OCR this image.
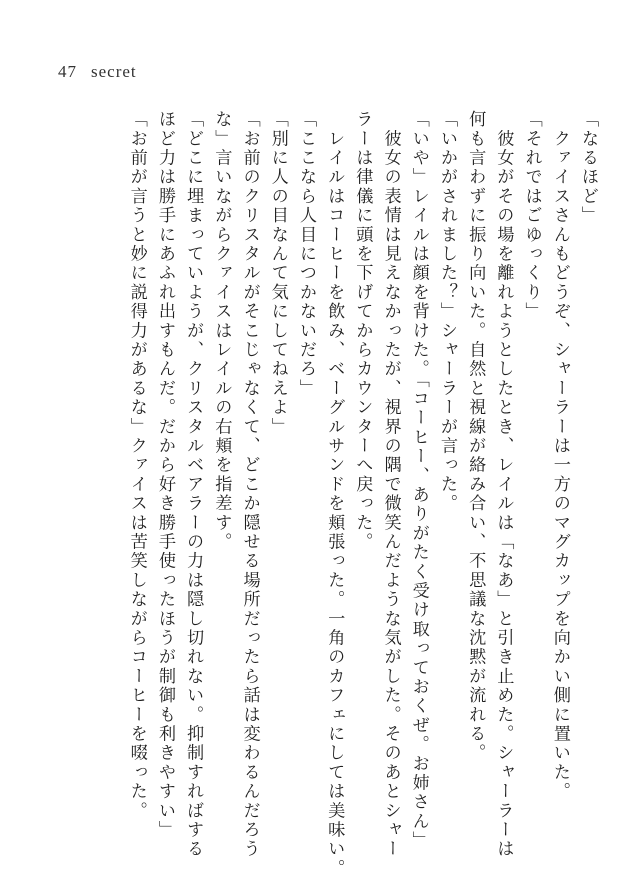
47 secret
「なるほど」
　クァイスさんもどうぞ、シャーラーは一方のマグカップを向かい側に置いた。
「それではごゆっくり」
　彼女がその場を離れようとしたとき、レイルは「なあ」と引き止めた。シャーラーは
何も言わずに振り向いた。自然と視線が絡み合い、不思議な沈黙が流れる。
「いかがされました？」シャーラーが言った。
「いや」レイルは顔を背けた。「コーヒー、ありがたく受け取っておくぜ。お姉さん」
　彼女の表情は見えなかったが、視界の隅で微笑んだような気がした。そのあとシャー
ラーは律儀に頭を下げてからカウンターへ戻った。
　レイルはコーヒーを飲み、ベーグルサンドを頬張った。一角のカフェにしては美味い。
「ここなら人目につかないだろ」
「別に人の目なんて気にしてねえよ」
「お前のクリスタルがそこじゃなくて、どこか隠せる場所だったら話は変わるんだろう
な」言いながらクァイスはレイルの右頬を指差す。
「どこに埋まっていようが、クリスタルベアラーの力は隠し切れない。抑制すればする
ほど力は勝手にあふれ出すもんだ。だから好き勝手使ったほうが制御も利きやすい」
「お前が言うと妙に説得力があるな」クァイスは苦笑しながらコーヒーを啜った。
